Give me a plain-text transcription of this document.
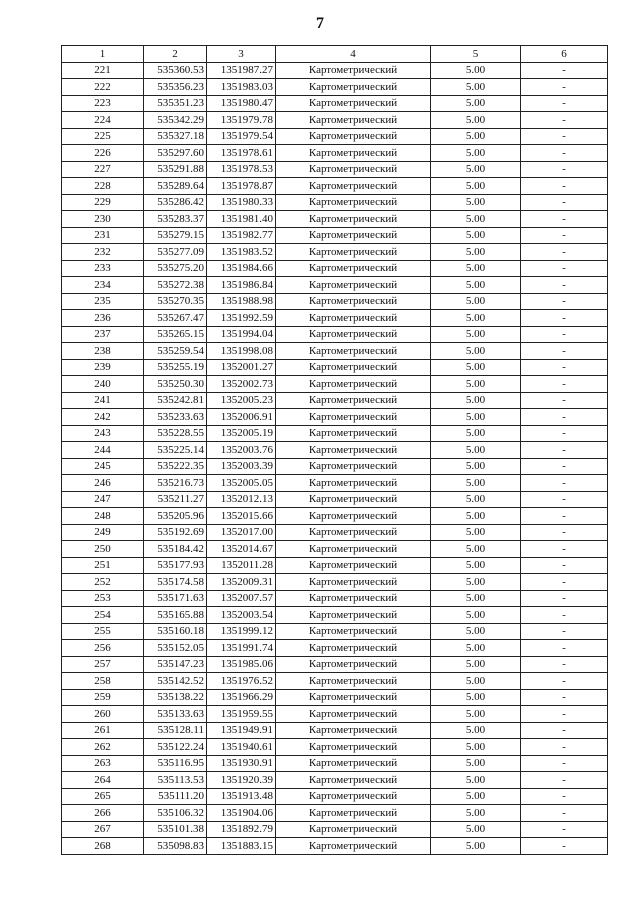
7
1	2	3	4	5	6
221	535360.53	1351987.27	Картометрический	5.00	-
222	535356.23	1351983.03	Картометрический	5.00	-
223	535351.23	1351980.47	Картометрический	5.00	-
224	535342.29	1351979.78	Картометрический	5.00	-
225	535327.18	1351979.54	Картометрический	5.00	-
226	535297.60	1351978.61	Картометрический	5.00	-
227	535291.88	1351978.53	Картометрический	5.00	-
228	535289.64	1351978.87	Картометрический	5.00	-
229	535286.42	1351980.33	Картометрический	5.00	-
230	535283.37	1351981.40	Картометрический	5.00	-
231	535279.15	1351982.77	Картометрический	5.00	-
232	535277.09	1351983.52	Картометрический	5.00	-
233	535275.20	1351984.66	Картометрический	5.00	-
234	535272.38	1351986.84	Картометрический	5.00	-
235	535270.35	1351988.98	Картометрический	5.00	-
236	535267.47	1351992.59	Картометрический	5.00	-
237	535265.15	1351994.04	Картометрический	5.00	-
238	535259.54	1351998.08	Картометрический	5.00	-
239	535255.19	1352001.27	Картометрический	5.00	-
240	535250.30	1352002.73	Картометрический	5.00	-
241	535242.81	1352005.23	Картометрический	5.00	-
242	535233.63	1352006.91	Картометрический	5.00	-
243	535228.55	1352005.19	Картометрический	5.00	-
244	535225.14	1352003.76	Картометрический	5.00	-
245	535222.35	1352003.39	Картометрический	5.00	-
246	535216.73	1352005.05	Картометрический	5.00	-
247	535211.27	1352012.13	Картометрический	5.00	-
248	535205.96	1352015.66	Картометрический	5.00	-
249	535192.69	1352017.00	Картометрический	5.00	-
250	535184.42	1352014.67	Картометрический	5.00	-
251	535177.93	1352011.28	Картометрический	5.00	-
252	535174.58	1352009.31	Картометрический	5.00	-
253	535171.63	1352007.57	Картометрический	5.00	-
254	535165.88	1352003.54	Картометрический	5.00	-
255	535160.18	1351999.12	Картометрический	5.00	-
256	535152.05	1351991.74	Картометрический	5.00	-
257	535147.23	1351985.06	Картометрический	5.00	-
258	535142.52	1351976.52	Картометрический	5.00	-
259	535138.22	1351966.29	Картометрический	5.00	-
260	535133.63	1351959.55	Картометрический	5.00	-
261	535128.11	1351949.91	Картометрический	5.00	-
262	535122.24	1351940.61	Картометрический	5.00	-
263	535116.95	1351930.91	Картометрический	5.00	-
264	535113.53	1351920.39	Картометрический	5.00	-
265	535111.20	1351913.48	Картометрический	5.00	-
266	535106.32	1351904.06	Картометрический	5.00	-
267	535101.38	1351892.79	Картометрический	5.00	-
268	535098.83	1351883.15	Картометрический	5.00	-
